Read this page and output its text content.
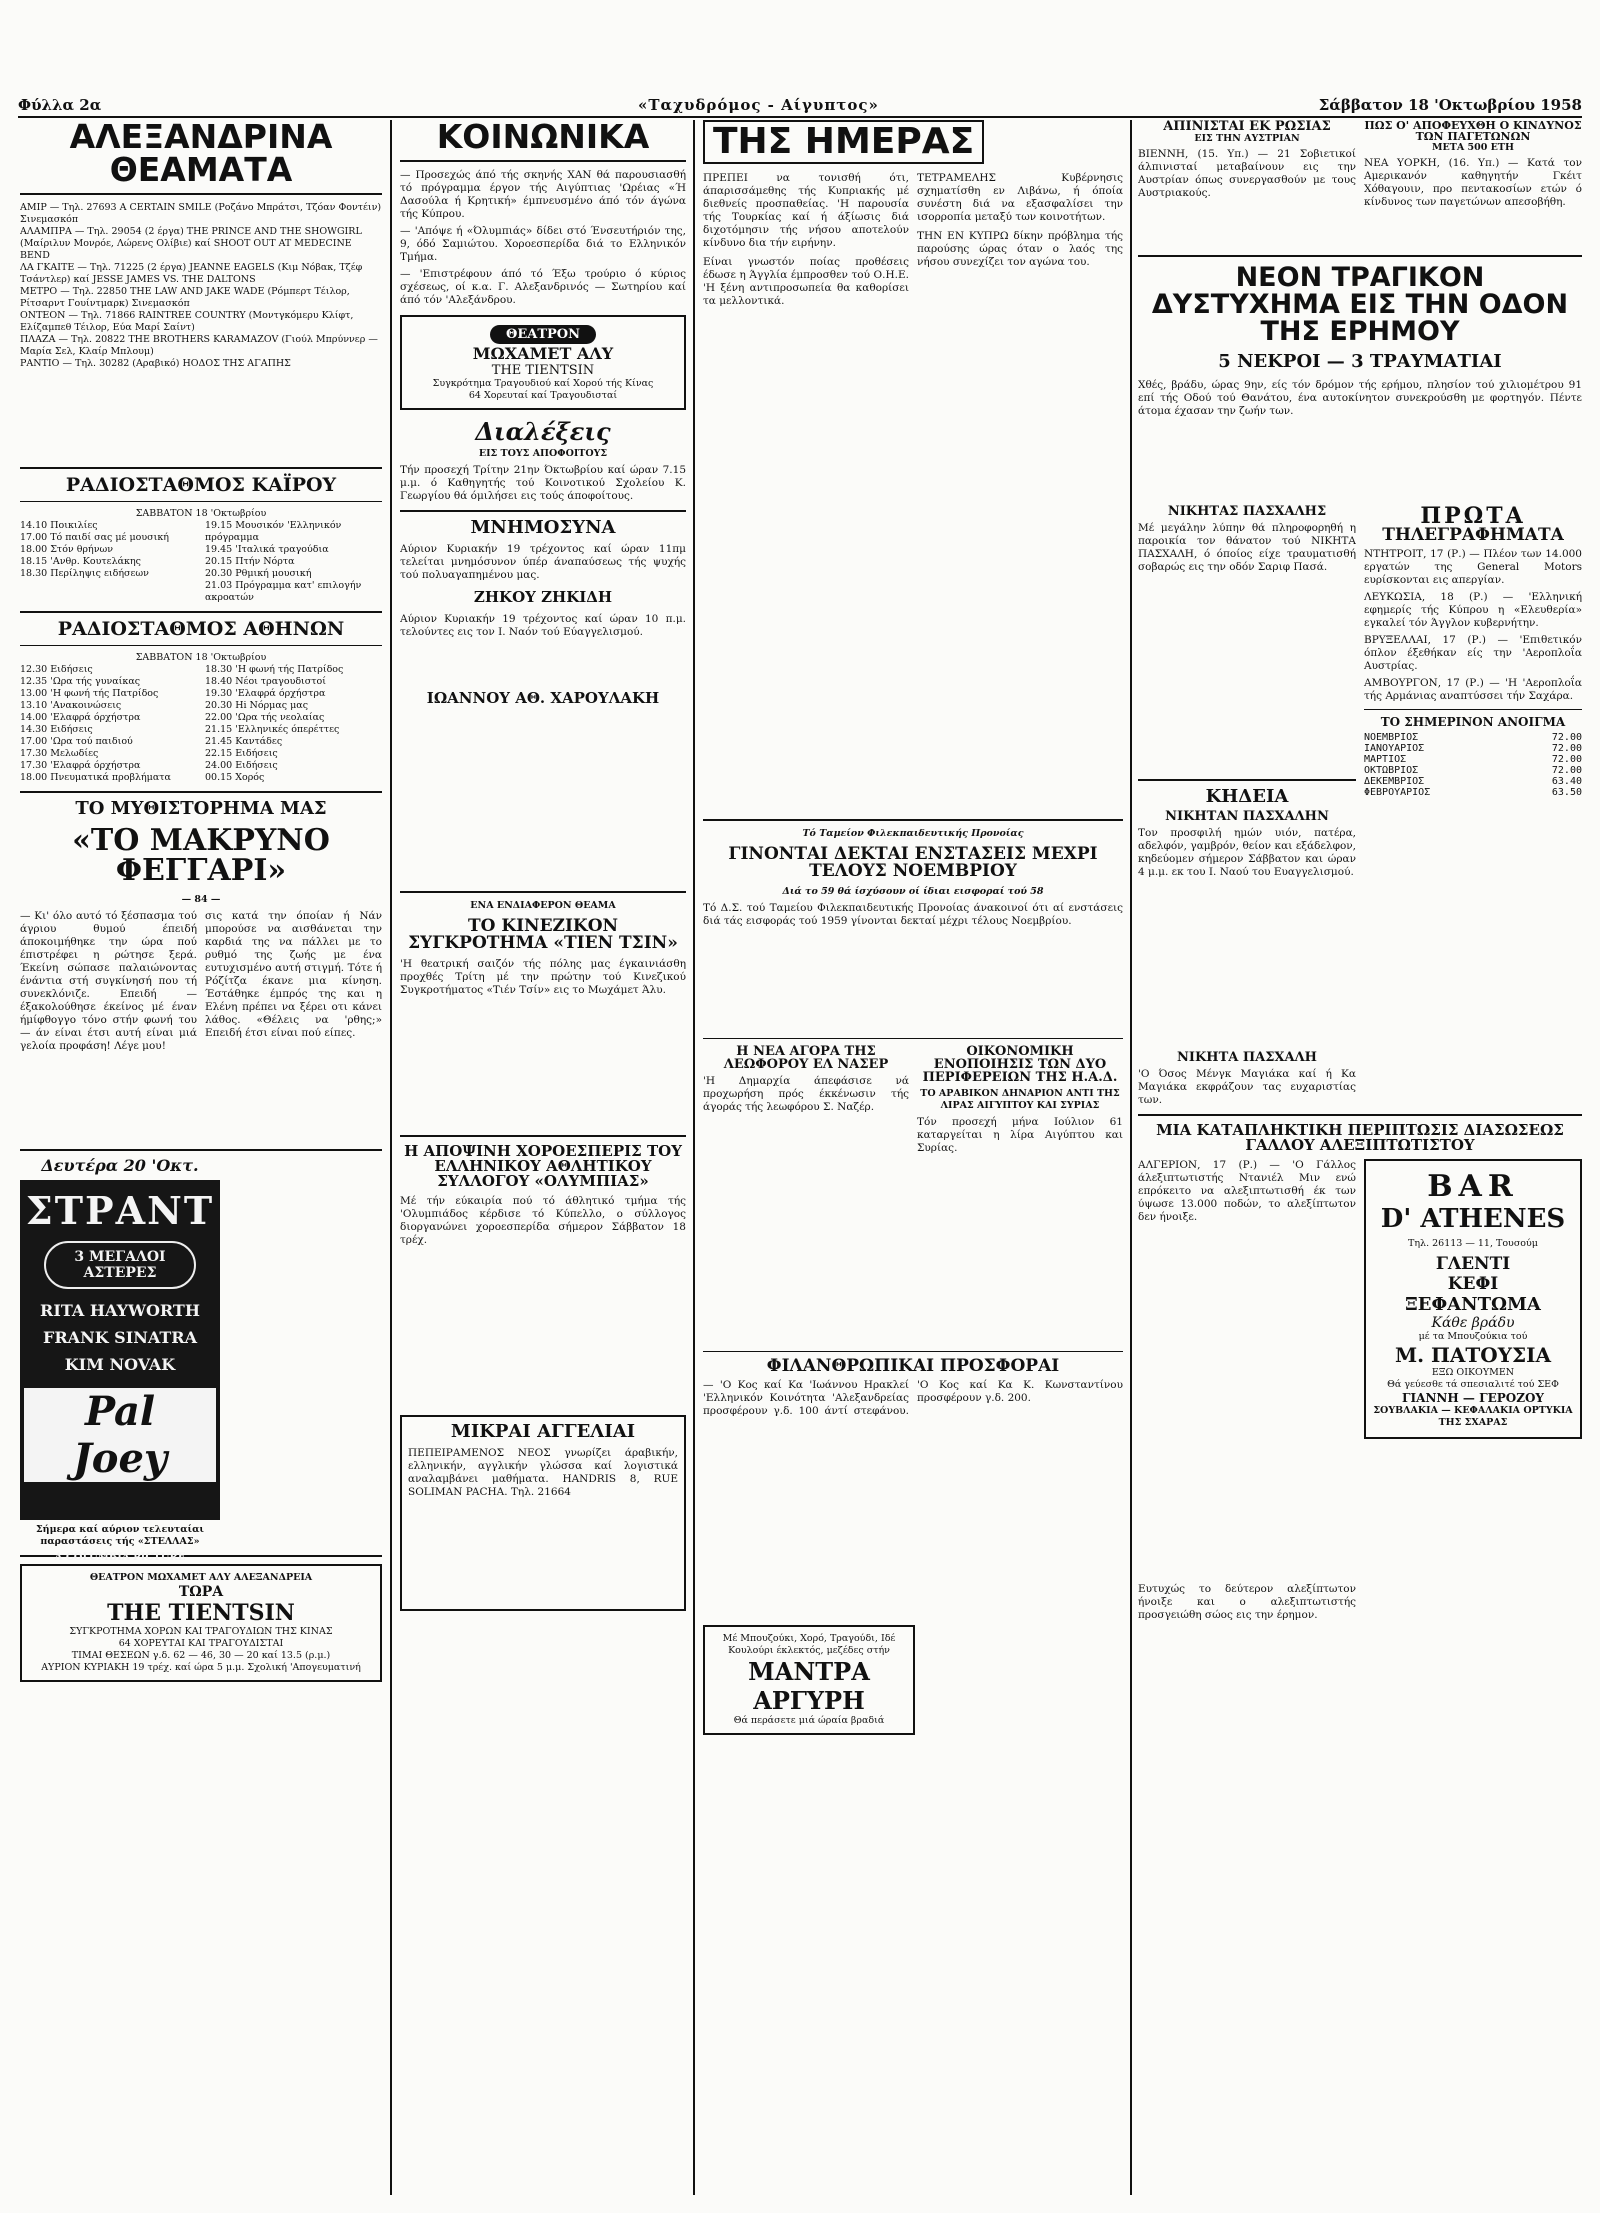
Φύλλα 2α	«Ταχυδρόμος - Αίγυπτος»	Σάββατον 18 'Οκτωβρίου 1958
ΑΛΕΞΑΝΔΡΙΝΑ ΘΕΑΜΑΤΑ
ΑΜΙΡ — Τηλ. 27693 A CERTAIN SMILE (Ροζάνο Μπράτσι, Τζόαν Φοντέιν) Σινεμασκόπ
ΑΛΑΜΠΡΑ — Τηλ. 29054 (2 έργα) THE PRINCE AND THE SHOWGIRL (Μαίριλυν Μονρόε, Λώρενς Ολίβιε) καί SHOOT OUT AT MEDECINE BEND
ΛΑ ΓΚΑΙΤΕ — Τηλ. 71225 (2 έργα) JEANNE EAGELS (Κιμ Νόβακ, Τζέφ Τσάντλερ) καί JESSE JAMES VS. THE DALTONS
ΜΕΤΡΟ — Τηλ. 22850 THE LAW AND JAKE WADE (Ρόμπερτ Τέιλορ, Ρίτσαρντ Γουίντμαρκ) Σινεμασκόπ
ΟΝΤΕΟΝ — Τηλ. 71866 RAINTREE COUNTRY (Μοντγκόμερυ Κλίφτ, Ελίζαμπεθ Τέιλορ, Εύα Μαρί Σαίντ)
ΠΛΑΖΑ — Τηλ. 20822 THE BROTHERS KARAMAZOV (Γιούλ Μπρύννερ — Μαρία Σελ, Κλαίρ Μπλουμ)
ΡΑΝΤΙΟ — Τηλ. 30282 (Αραβικό) ΗΟΔΟΣ ΤΗΣ ΑΓΑΠΗΣ
ΡΑΔΙΟΣΤΑΘΜΟΣ ΚΑΪΡΟΥ
ΣΑΒΒΑΤΟΝ 18 'Οκτωβρίου
14.10 Ποικιλίες
17.00 Τό παιδί σας μέ μουσική
18.00 Στόν θρήνων
18.15 'Ανθρ. Κουτελάκης
18.30 Περίληψις ειδήσεων
19.15 Μουσικόν 'Ελληνικόν πρόγραμμα
19.45 'Ιταλικά τραγούδια
20.15 Πτήν Νόρτα
20.30 Ρθμική μουσική
21.03 Πρόγραμμα κατ' επιλογήν ακροατών
ΡΑΔΙΟΣΤΑΘΜΟΣ ΑΘΗΝΩΝ
ΣΑΒΒΑΤΟΝ 18 'Οκτωβρίου
12.30 Ειδήσεις
12.35 'Ωρα τής γυναίκας
13.00 'Η φωνή τής Πατρίδος
13.10 'Ανακοινώσεις
14.00 'Ελαφρά όρχήστρα
14.30 Ειδήσεις
17.00 'Ωρα τού παιδιού
17.30 Μελωδίες
17.30 'Ελαφρά όρχήστρα
18.00 Πνευματικά προβλήματα
18.30 'Η φωνή τής Πατρίδος
18.40 Νέοι τραγουδιστοί
19.30 'Ελαφρά όρχήστρα
20.30 Hi Νόρμας μας
22.00 'Ωρα τής νεολαίας
21.15 'Ελληνικές όπερέττες
21.45 Καντάδες
22.15 Ειδήσεις
24.00 Ειδήσεις
00.15 Χορός
ΤΟ ΜΥΘΙΣΤΟΡΗΜΑ ΜΑΣ
«ΤΟ ΜΑΚΡΥΝΟ ΦΕΓΓΑΡΙ»
— 84 —
— Κι' όλο αυτό τό ξέσπασμα τού άγριου θυμού έπειδή άποκοιμήθηκε την ώρα πού έπιστρέφει η ρώτησε ξερά. Έκείνη σώπασε παλαιώνοντας ένάντια στή συγκίνησή που τή συνεκλόνιζε. Επειδή — έξακολούθησε έκείνος μέ έναν ήμίφθογγο τόνο στήν φωνή του — άν είναι έτσι αυτή είναι μιά γελοία προφάση! Λέγε μου!
σις κατά την όποίαν ή Νάν μπορούσε να αισθάνεται την καρδιά της να πάλλει με το ρυθμό της ζωής με ένα ευτυχισμένο αυτή στιγμή. Τότε ή Ρόζίτζα έκανε μια κίνηση. Έστάθηκε έμπρός της και η Ελένη πρέπει να ξέρει οτι κάνει λάθος. «Θέλεις να 'ρθης;» Επειδή έτσι είναι πού είπες.
Δευτέρα 20 'Οκτ.
ΣΤΡΑΝΤ
3 ΜΕΓΑΛΟΙ ΑΣΤΕΡΕΣ
RITA HAYWORTH
FRANK SINATRA
KIM NOVAK
Pal Joey
A COLUMBIA PICTURE
Σήμερα καί αύριον τελευταίαι παραστάσεις τής «ΣΤΕΛΛΑΣ»
ΘΕΑΤΡΟΝ ΜΩΧΑΜΕΤ ΑΛΥ ΑΛΕΞΑΝΔΡΕΙΑ
ΤΩΡΑ
THE TIENTSIN
ΣΥΓΚΡΟΤΗΜΑ ΧΟΡΩΝ ΚΑΙ ΤΡΑΓΟΥΔΙΩΝ ΤΗΣ ΚΙΝΑΣ
64 ΧΟΡΕΥΤΑΙ ΚΑΙ ΤΡΑΓΟΥΔΙΣΤΑΙ
ΤΙΜΑΙ ΘΕΣΕΩΝ γ.δ. 62 — 46, 30 — 20 καί 13.5 (ρ.μ.)
ΑΥΡΙΟΝ ΚΥΡΙΑΚΗ 19 τρέχ. καί ώρα 5 μ.μ. Σχολική 'Απογευματινή
ΚΟΙΝΩΝΙΚΑ
— Προσεχώς άπό τής σκηνής ΧΑΝ θά παρουσιασθή τό πρόγραμμα έργον τής Αιγύπτιας 'Ωρέιας «Ή Δασούλα ή Κρητική» έμπνευσμένο άπό τόν άγώνα τής Κύπρου.
— 'Απόψε ή «Όλυμπιάς» δίδει στό Ένσευτήριόν της, 9, όδό Σαμιώτου. Χοροεσπερίδα διά το Ελληνικόν Τμήμα.
— 'Επιστρέφουν άπό τό Έξω τρούριο ό κύριος σχέσεως, οί κ.α. Γ. Αλεξανδρινός — Σωτηρίου καί άπό τόν 'Αλεξάνδρου.
ΘΕΑΤΡΟΝ
ΜΩΧΑΜΕΤ ΑΛΥ
THE TIENTSIN
Συγκρότημα Τραγουδιού καί Χορού τής Κίνας
64 Χορευταί καί Τραγουδισταί
Διαλέξεις
ΕΙΣ ΤΟΥΣ ΑΠΟΦΟΙΤΟΥΣ
Τήν προσεχή Τρίτην 21ην Όκτωβρίου καί ώραν 7.15 μ.μ. ό Καθηγητής τού Κοινοτικού Σχολείου Κ. Γεωργίου θά όμιλήσει εις τούς άποφοίτους.
ΜΝΗΜΟΣΥΝΑ
Αύριον Κυριακήν 19 τρέχοντος καί ώραν 11πμ τελείται μνημόσυνον ύπέρ άναπαύσεως τής ψυχής τού πολυαγαπημένου μας.
ΖΗΚΟΥ ΖΗΚΙΔΗ
Αύριον Κυριακήν 19 τρέχοντος καί ώραν 10 π.μ. τελούντες εις τον Ι. Ναόν τού Εύαγγελισμού.
ΙΩΑΝΝΟΥ ΑΘ. ΧΑΡΟΥΛΑΚΗ
ΕΝΑ ΕΝΔΙΑΦΕΡΟΝ ΘΕΑΜΑ
ΤΟ ΚΙΝΕΖΙΚΟΝ ΣΥΓΚΡΟΤΗΜΑ «ΤΙΕΝ ΤΣΙΝ»
'Η θεατρική σαιζόν τής πόλης μας έγκαινιάσθη προχθές Τρίτη μέ την πρώτην τού Κινεζικού Συγκροτήματος «Τιέν Τσίν» εις το Μωχάμετ Άλυ.
Η ΑΠΟΨΙΝΗ ΧΟΡΟΕΣΠΕΡΙΣ ΤΟΥ ΕΛΛΗΝΙΚΟΥ ΑΘΛΗΤΙΚΟΥ ΣΥΛΛΟΓΟΥ «ΟΛΥΜΠΙΑΣ»
Μέ τήν εύκαιρία πού τό άθλητικό τμήμα τής 'Ολυμπιάδος κέρδισε τό Κύπελλο, ο σύλλογος διοργανώνει χοροεσπερίδα σήμερον Σάββατον 18 τρέχ.
ΜΙΚΡΑΙ ΑΓΓΕΛΙΑΙ
ΠΕΠΕΙΡΑΜΕΝΟΣ ΝΕΟΣ γνωρίζει άραβικήν, ελληνικήν, αγγλικήν γλώσσα καί λογιστικά αναλαμβάνει μαθήματα. HANDRIS 8, RUE SOLIMAN PACHA. Τηλ. 21664
ΤΗΣ ΗΜΕΡΑΣ
ΠΡΕΠΕΙ να τονισθή ότι, άπαρισσάμεθης τής Κυπριακής μέ διεθνείς προσπαθείας. 'Η παρουσία τής Τουρκίας καί ή άξίωσις διά διχοτόμησιν τής νήσου αποτελούν κίνδυνο δια τήν ειρήνην.
Είναι γνωστόν ποίας προθέσεις έδωσε η Άγγλία έμπροσθεν τού Ο.Η.Ε. 'Η ξένη αντιπροσωπεία θα καθορίσει τα μελλοντικά.
ΤΕΤΡΑΜΕΛΗΣ Κυβέρνησις σχηματίσθη εν Λιβάνω, ή όποία συνέστη διά να εξασφαλίσει την ισορροπία μεταξύ των κοινοτήτων.
ΤΗΝ ΕΝ ΚΥΠΡΩ δίκην πρόβλημα τής παρούσης ώρας όταν ο λαός της νήσου συνεχίζει τον αγώνα του.
Τό Ταμείον Φιλεκπαιδευτικής Προνοίας
ΓΙΝΟΝΤΑΙ ΔΕΚΤΑΙ ΕΝΣΤΑΣΕΙΣ ΜΕΧΡΙ ΤΕΛΟΥΣ ΝΟΕΜΒΡΙΟΥ
Διά το 59 θά ίσχύσουν οί ίδιαι εισφοραί τού 58
Τό Δ.Σ. τού Ταμείου Φιλεκπαιδευτικής Προνοίας άνακοινοί ότι αί ενστάσεις διά τάς εισφοράς τού 1959 γίνονται δεκταί μέχρι τέλους Νοεμβρίου.
Η ΝΕΑ ΑΓΟΡΑ ΤΗΣ ΛΕΩΦΟΡΟΥ ΕΛ ΝΑΣΕΡ
'Η Δημαρχία άπεφάσισε νά προχωρήση πρός έκκένωσιν τής άγοράς τής λεωφόρου Σ. Ναζέρ.
ΟΙΚΟΝΟΜΙΚΗ ΕΝΟΠΟΙΗΣΙΣ ΤΩΝ ΔΥΟ ΠΕΡΙΦΕΡΕΙΩΝ ΤΗΣ Η.Α.Δ.
ΤΟ ΑΡΑΒΙΚΟΝ ΔΗΝΑΡΙΟΝ ΑΝΤΙ ΤΗΣ ΛΙΡΑΣ ΑΙΓΥΠΤΟΥ ΚΑΙ ΣΥΡΙΑΣ
Τόν προσεχή μήνα Ιούλιον 61 καταργείται η λίρα Αιγύπτου και Συρίας.
ΦΙΛΑΝΘΡΩΠΙΚΑΙ ΠΡΟΣΦΟΡΑΙ
— 'Ο Κος καί Κα 'Ιωάννου Ηρακλεί 'Ελληνικόν Κοινότητα 'Αλεξανδρείας προσφέρουν γ.δ. 100 άντί στεφάνου. 'Ο Κος καί Κα Κ. Κωνσταντίνου προσφέρουν γ.δ. 200.
Μέ Μπουζούκι, Χορό, Τραγούδι, Ιδέ Κουλούρι έκλεκτός, μεζέδες στήν
ΜΑΝΤΡΑ ΑΡΓΥΡΗ
Θά περάσετε μιά ώραία βραδιά
ΑΠΙΝΙΣΤΑΙ ΕΚ ΡΩΣΙΑΣ
ΕΙΣ ΤΗΝ ΑΥΣΤΡΙΑΝ
ΒΙΕΝΝΗ, (15. Υπ.) — 21 Σοβιετικοί άλπινισταί μεταβαίνουν εις την Αυστρίαν όπως συνεργασθούν με τους Αυστριακούς.
ΠΩΣ Ο' ΑΠΟΦΕΥΧΘΗ Ο ΚΙΝΔΥΝΟΣ ΤΩΝ ΠΑΓΕΤΩΝΩΝ
ΜΕΤΑ 500 ΕΤΗ
ΝΕΑ ΥΟΡΚΗ, (16. Υπ.) — Κατά τον Αμερικανόν καθηγητήν Γκέιτ Χόθαγουιν, προ πεντακοσίων ετών ό κίνδυνος των παγετώνων απεσοβήθη.
ΝΕΟΝ ΤΡΑΓΙΚΟΝ ΔΥΣΤΥΧΗΜΑ ΕΙΣ ΤΗΝ ΟΔΟΝ ΤΗΣ ΕΡΗΜΟΥ
5 ΝΕΚΡΟΙ — 3 ΤΡΑΥΜΑΤΙΑΙ
Χθές, βράδυ, ώρας 9ην, είς τόν δρόμον τής ερήμου, πλησίον τού χιλιομέτρου 91 επί τής Οδού τού Θανάτου, ένα αυτοκίνητον συνεκρούσθη με φορτηγόν. Πέντε άτομα έχασαν την ζωήν των.
ΝΙΚΗΤΑΣ ΠΑΣΧΑΛΗΣ
Μέ μεγάλην λύπην θά πληροφορηθή η παροικία τον θάνατον τού ΝΙΚΗΤΑ ΠΑΣΧΑΛΗ, ό όποίος είχε τραυματισθή σοβαρώς εις την οδόν Σαριφ Πασά.
ΚΗΔΕΙΑ
ΝΙΚΗΤΑΝ ΠΑΣΧΑΛΗΝ
Τον προσφιλή ημών υιόν, πατέρα, αδελφόν, γαμβρόν, θείον και εξάδελφον, κηδεύομεν σήμερον Σάββατον και ώραν 4 μ.μ. εκ του Ι. Ναού του Ευαγγελισμού.
ΝΙΚΗΤΑ ΠΑΣΧΑΛΗ
'Ο Όσος Μένγκ Μαγιάκα καί ή Κα Μαγιάκα εκφράζουν τας ευχαριστίας των.
ΠΡΩΤΑ
ΤΗΛΕΓΡΑΦΗΜΑΤΑ
ΝΤΗΤΡΟΙΤ, 17 (Ρ.) — Πλέον των 14.000 εργατών της General Motors ευρίσκονται εις απεργίαν.
ΛΕΥΚΩΣΙΑ, 18 (Ρ.) — 'Ελληνική εφημερίς τής Κύπρου η «Ελευθερία» εγκαλεί τόν Άγγλον κυβερνήτην.
ΒΡΥΞΕΛΛΑΙ, 17 (Ρ.) — 'Επιθετικόν όπλον έξεθήκαν είς την 'Αεροπλοΐα Αυστρίας.
ΑΜΒΟΥΡΓΟΝ, 17 (Ρ.) — 'Η 'Αεροπλοΐα τής Αρμάνιας αναπτύσσει τήν Σαχάρα.
ΤΟ ΣΗΜΕΡΙΝΟΝ ΑΝΟΙΓΜΑ
ΝΟΕΜΒΡΙΟΣ	72.00
ΙΑΝΟΥΑΡΙΟΣ	72.00
ΜΑΡΤΙΟΣ	72.00
ΟΚΤΩΒΡΙΟΣ	72.00
ΔΕΚΕΜΒΡΙΟΣ	63.40
ΦΕΒΡΟΥΑΡΙΟΣ	63.50
ΜΙΑ ΚΑΤΑΠΛΗΚΤΙΚΗ ΠΕΡΙΠΤΩΣΙΣ ΔΙΑΣΩΣΕΩΣ ΓΑΛΛΟΥ ΑΛΕΞΙΠΤΩΤΙΣΤΟΥ
ΑΛΓΕΡΙΟΝ, 17 (Ρ.) — 'Ο Γάλλος άλεξιπτωτιστής Ντανιέλ Μιν ενώ επρόκειτο να αλεξιπτωτισθή έκ των ύψωσε 13.000 ποδών, το αλεξίπτωτον δεν ήνοιξε.
Ευτυχώς το δεύτερον αλεξίπτωτον ήνοιξε και ο αλεξιπτωτιστής προσγειώθη σώος εις την έρημον.
BAR
D' ATHENES
Τηλ. 26113 — 11, Τουσούμ
ΓΛΕΝΤΙ
ΚΕΦΙ
ΞΕΦΑΝΤΩΜΑ
Κάθε βράδυ
μέ τα Μπουζούκια τού
Μ. ΠΑΤΟΥΣΙΑ
ΕΞΩ ΟΙΚΟΥΜΕΝ
Θά γεύεσθε τά σπεσιαλιτέ τού ΣΕΦ
ΓΙΑΝΝΗ — ΓΕΡΟΖΟΥ
ΣΟΥΒΛΑΚΙΑ — ΚΕΦΑΛΑΚΙΑ ΟΡΤΥΚΙΑ ΤΗΣ ΣΧΑΡΑΣ
